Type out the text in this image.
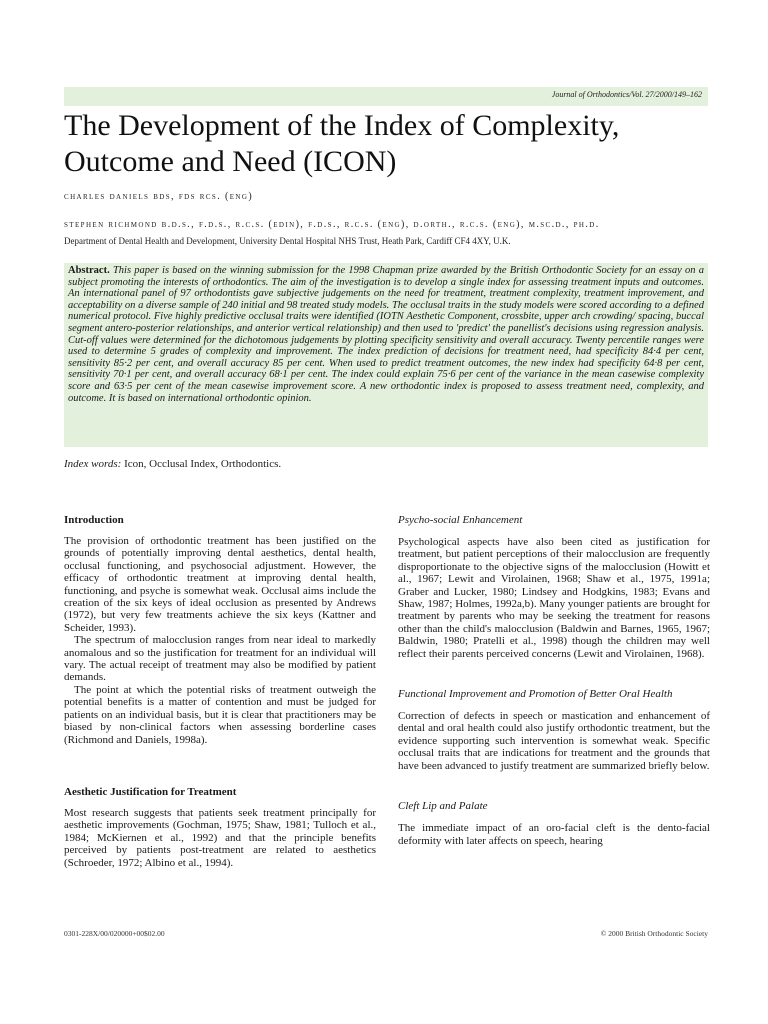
Journal of Orthodontics/Vol. 27/2000/149–162
The Development of the Index of Complexity, Outcome and Need (ICON)
charles daniels bds, fds rcs. (eng)
stephen richmond b.d.s., f.d.s., r.c.s. (edin), f.d.s., r.c.s. (eng), d.orth., r.c.s. (eng), m.sc.d., ph.d.
Department of Dental Health and Development, University Dental Hospital NHS Trust, Heath Park, Cardiff CF4 4XY, U.K.

Abstract. This paper is based on the winning submission for the 1998 Chapman prize awarded by the British Orthodontic Society for an essay on a subject promoting the interests of orthodontics. The aim of the investigation is to develop a single index for assessing treatment inputs and outcomes. An international panel of 97 orthodontists gave subjective judgements on the need for treatment, treatment complexity, treatment improvement, and acceptability on a diverse sample of 240 initial and 98 treated study models. The occlusal traits in the study models were scored according to a defined numerical protocol. Five highly predictive occlusal traits were identified (IOTN Aesthetic Component, crossbite, upper arch crowding/ spacing, buccal segment antero-posterior relationships, and anterior vertical relationship) and then used to 'predict' the panellist's decisions using regression analysis. Cut-off values were determined for the dichotomous judgements by plotting specificity sensitivity and overall accuracy. Twenty percentile ranges were used to determine 5 grades of complexity and improvement. The index prediction of decisions for treatment need, had specificity 84·4 per cent, sensitivity 85·2 per cent, and overall accuracy 85 per cent. When used to predict treatment outcomes, the new index had specificity 64·8 per cent, sensitivity 70·1 per cent, and overall accuracy 68·1 per cent. The index could explain 75·6 per cent of the variance in the mean casewise complexity score and 63·5 per cent of the mean casewise improvement score. A new orthodontic index is proposed to assess treatment need, complexity, and outcome. It is based on international orthodontic opinion.

Index words: Icon, Occlusal Index, Orthodontics.

Introduction

The provision of orthodontic treatment has been justified on the grounds of potentially improving dental aesthetics, dental health, occlusal functioning, and psychosocial adjustment. However, the efficacy of orthodontic treatment at improving dental health, functioning, and psyche is somewhat weak. Occlusal aims include the creation of the six keys of ideal occlusion as presented by Andrews (1972), but very few treatments achieve the six keys (Kattner and Scheider, 1993).

The spectrum of malocclusion ranges from near ideal to markedly anomalous and so the justification for treatment for an individual will vary. The actual receipt of treatment may also be modified by patient demands.

The point at which the potential risks of treatment outweigh the potential benefits is a matter of contention and must be judged for patients on an individual basis, but it is clear that practitioners may be biased by non-clinical factors when assessing borderline cases (Richmond and Daniels, 1998a).

Aesthetic Justification for Treatment

Most research suggests that patients seek treatment principally for aesthetic improvements (Gochman, 1975; Shaw, 1981; Tulloch et al., 1984; McKiernen et al., 1992) and that the principle benefits perceived by patients post-treatment are related to aesthetics (Schroeder, 1972; Albino et al., 1994).

Psycho-social Enhancement

Psychological aspects have also been cited as justification for treatment, but patient perceptions of their malocclusion are frequently disproportionate to the objective signs of the malocclusion (Howitt et al., 1967; Lewit and Virolainen, 1968; Shaw et al., 1975, 1991a; Graber and Lucker, 1980; Lindsey and Hodgkins, 1983; Evans and Shaw, 1987; Holmes, 1992a,b). Many younger patients are brought for treatment by parents who may be seeking the treatment for reasons other than the child's malocclusion (Baldwin and Barnes, 1965, 1967; Baldwin, 1980; Pratelli et al., 1998) though the children may well reflect their parents perceived concerns (Lewit and Virolainen, 1968).

Functional Improvement and Promotion of Better Oral Health

Correction of defects in speech or mastication and enhancement of dental and oral health could also justify orthodontic treatment, but the evidence supporting such intervention is somewhat weak. Specific occlusal traits that are indications for treatment and the grounds that have been advanced to justify treatment are summarized briefly below.

Cleft Lip and Palate

The immediate impact of an oro-facial cleft is the dento-facial deformity with later affects on speech, hearing

0301-228X/00/020000+00$02.00	© 2000 British Orthodontic Society
